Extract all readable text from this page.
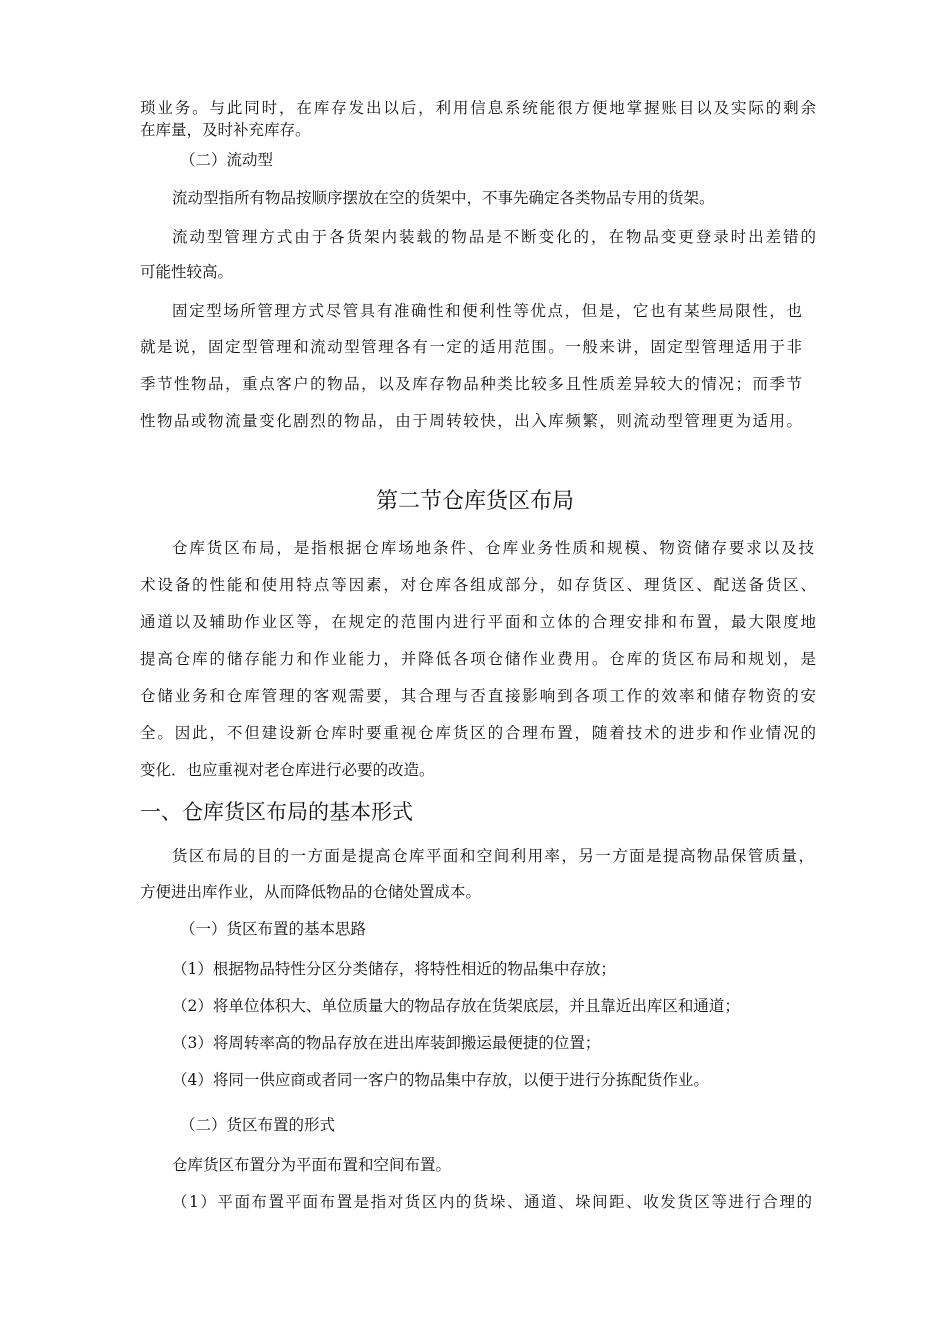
琐业务。与此同时，在库存发出以后，利用信息系统能很方便地掌握账目以及实际的剩余
在库量，及时补充库存。
（二）流动型
流动型指所有物品按顺序摆放在空的货架中，不事先确定各类物品专用的货架。
流动型管理方式由于各货架内装载的物品是不断变化的，在物品变更登录时出差错的
可能性较高。
固定型场所管理方式尽管具有准确性和便利性等优点，但是，它也有某些局限性，也
就是说，固定型管理和流动型管理各有一定的适用范围。一般来讲，固定型管理适用于非
季节性物品，重点客户的物品，以及库存物品种类比较多且性质差异较大的情况；而季节
性物品或物流量变化剧烈的物品，由于周转较快，出入库频繁，则流动型管理更为适用。
第二节仓库货区布局
仓库货区布局，是指根据仓库场地条件、仓库业务性质和规模、物资储存要求以及技
术设备的性能和使用特点等因素，对仓库各组成部分，如存货区、理货区、配送备货区、
通道以及辅助作业区等，在规定的范围内进行平面和立体的合理安排和布置，最大限度地
提高仓库的储存能力和作业能力，并降低各项仓储作业费用。仓库的货区布局和规划，是
仓储业务和仓库管理的客观需要，其合理与否直接影响到各项工作的效率和储存物资的安
全。因此，不但建设新仓库时要重视仓库货区的合理布置，随着技术的进步和作业情况的
变化．也应重视对老仓库进行必要的改造。
一、仓库货区布局的基本形式
货区布局的目的一方面是提高仓库平面和空间利用率，另一方面是提高物品保管质量，
方便进出库作业，从而降低物品的仓储处置成本。
（一）货区布置的基本思路
（1）根据物品特性分区分类储存，将特性相近的物品集中存放；
（2）将单位体积大、单位质量大的物品存放在货架底层，并且靠近出库区和通道；
（3）将周转率高的物品存放在进出库装卸搬运最便捷的位置；
（4）将同一供应商或者同一客户的物品集中存放，以便于进行分拣配货作业。
（二）货区布置的形式
仓库货区布置分为平面布置和空间布置。
（1）平面布置平面布置是指对货区内的货垛、通道、垛间距、收发货区等进行合理的
